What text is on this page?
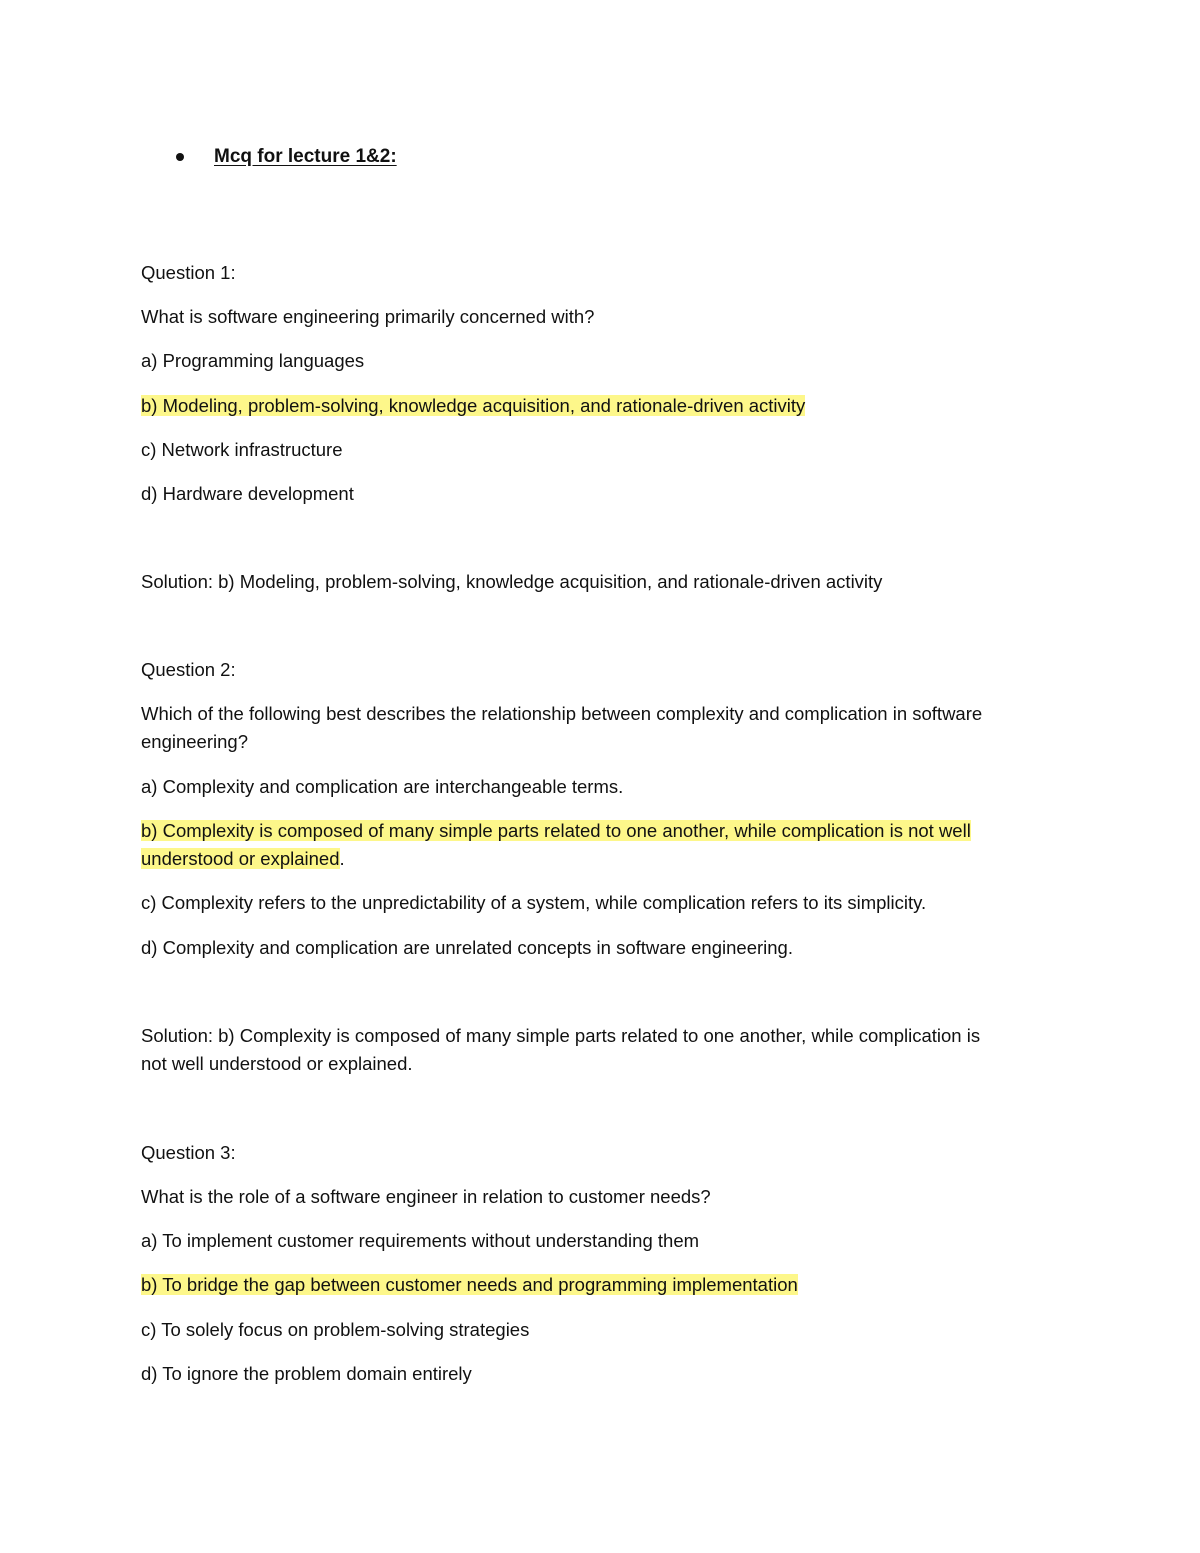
Mcq for lecture 1&2:
Question 1:
What is software engineering primarily concerned with?
a) Programming languages
b) Modeling, problem-solving, knowledge acquisition, and rationale-driven activity
c) Network infrastructure
d) Hardware development
Solution: b) Modeling, problem-solving, knowledge acquisition, and rationale-driven activity
Question 2:
Which of the following best describes the relationship between complexity and complication in software
engineering?
a) Complexity and complication are interchangeable terms.
b) Complexity is composed of many simple parts related to one another, while complication is not well
understood or explained.
c) Complexity refers to the unpredictability of a system, while complication refers to its simplicity.
d) Complexity and complication are unrelated concepts in software engineering.
Solution: b) Complexity is composed of many simple parts related to one another, while complication is
not well understood or explained.
Question 3:
What is the role of a software engineer in relation to customer needs?
a) To implement customer requirements without understanding them
b) To bridge the gap between customer needs and programming implementation
c) To solely focus on problem-solving strategies
d) To ignore the problem domain entirely
